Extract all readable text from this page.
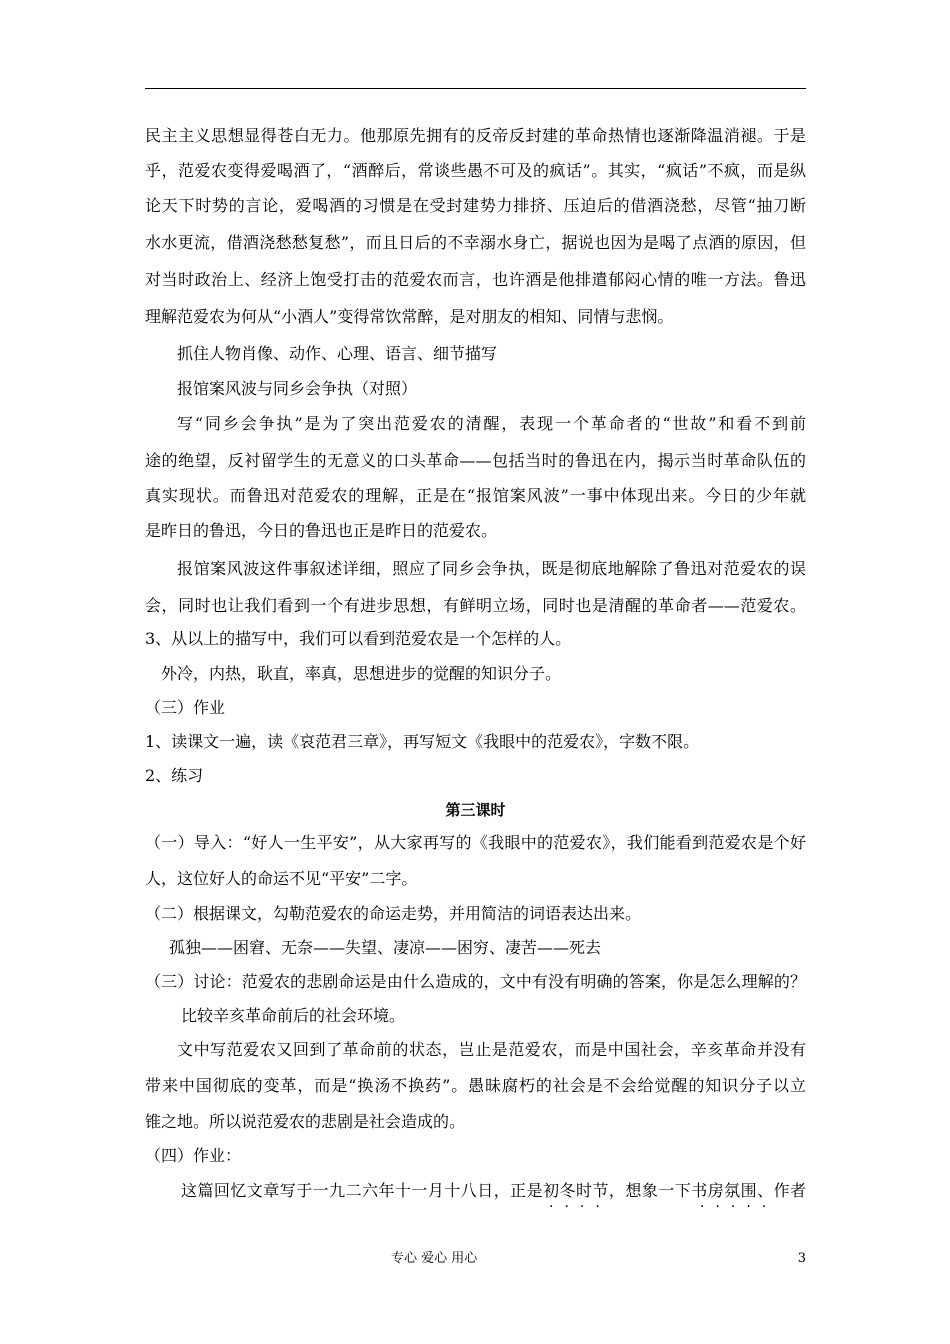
民主主义思想显得苍白无力。他那原先拥有的反帝反封建的革命热情也逐渐降温消褪。于是
乎，范爱农变得爱喝酒了，“酒醉后，常谈些愚不可及的疯话”。其实，“疯话”不疯，而是纵
论天下时势的言论，爱喝酒的习惯是在受封建势力排挤、压迫后的借酒浇愁，尽管“抽刀断
水水更流，借酒浇愁愁复愁”，而且日后的不幸溺水身亡，据说也因为是喝了点酒的原因，但
对当时政治上、经济上饱受打击的范爱农而言，也许酒是他排遣郁闷心情的唯一方法。鲁迅
理解范爱农为何从“小酒人”变得常饮常醉，是对朋友的相知、同情与悲悯。
抓住人物肖像、动作、心理、语言、细节描写
报馆案风波与同乡会争执（对照）
写“同乡会争执”是为了突出范爱农的清醒，表现一个革命者的“世故”和看不到前
途的绝望，反衬留学生的无意义的口头革命——包括当时的鲁迅在内，揭示当时革命队伍的
真实现状。而鲁迅对范爱农的理解，正是在“报馆案风波”一事中体现出来。今日的少年就
是昨日的鲁迅，今日的鲁迅也正是昨日的范爱农。
报馆案风波这件事叙述详细，照应了同乡会争执，既是彻底地解除了鲁迅对范爱农的误
会，同时也让我们看到一个有进步思想，有鲜明立场，同时也是清醒的革命者——范爱农。
3、从以上的描写中，我们可以看到范爱农是一个怎样的人。
外冷，内热，耿直，率真，思想进步的觉醒的知识分子。
（三）作业
1、读课文一遍，读《哀范君三章》，再写短文《我眼中的范爱农》，字数不限。
2、练习
第三课时
（一）导入：“好人一生平安”，从大家再写的《我眼中的范爱农》，我们能看到范爱农是个好
人，这位好人的命运不见“平安”二字。
（二）根据课文，勾勒范爱农的命运走势，并用简洁的词语表达出来。
孤独——困窘、无奈——失望、凄凉——困穷、凄苦——死去
（三）讨论：范爱农的悲剧命运是由什么造成的，文中有没有明确的答案，你是怎么理解的？
比较辛亥革命前后的社会环境。
文中写范爱农又回到了革命前的状态，岂止是范爱农，而是中国社会，辛亥革命并没有
带来中国彻底的变革，而是“换汤不换药”。愚昧腐朽的社会是不会给觉醒的知识分子以立
锥之地。所以说范爱农的悲剧是社会造成的。
（四）作业：
这篇回忆文章写于一九二六年十一月十八日，正是初冬时节，想象一下书房氛围、作者
····	·····
专心 爱心 用心	3
